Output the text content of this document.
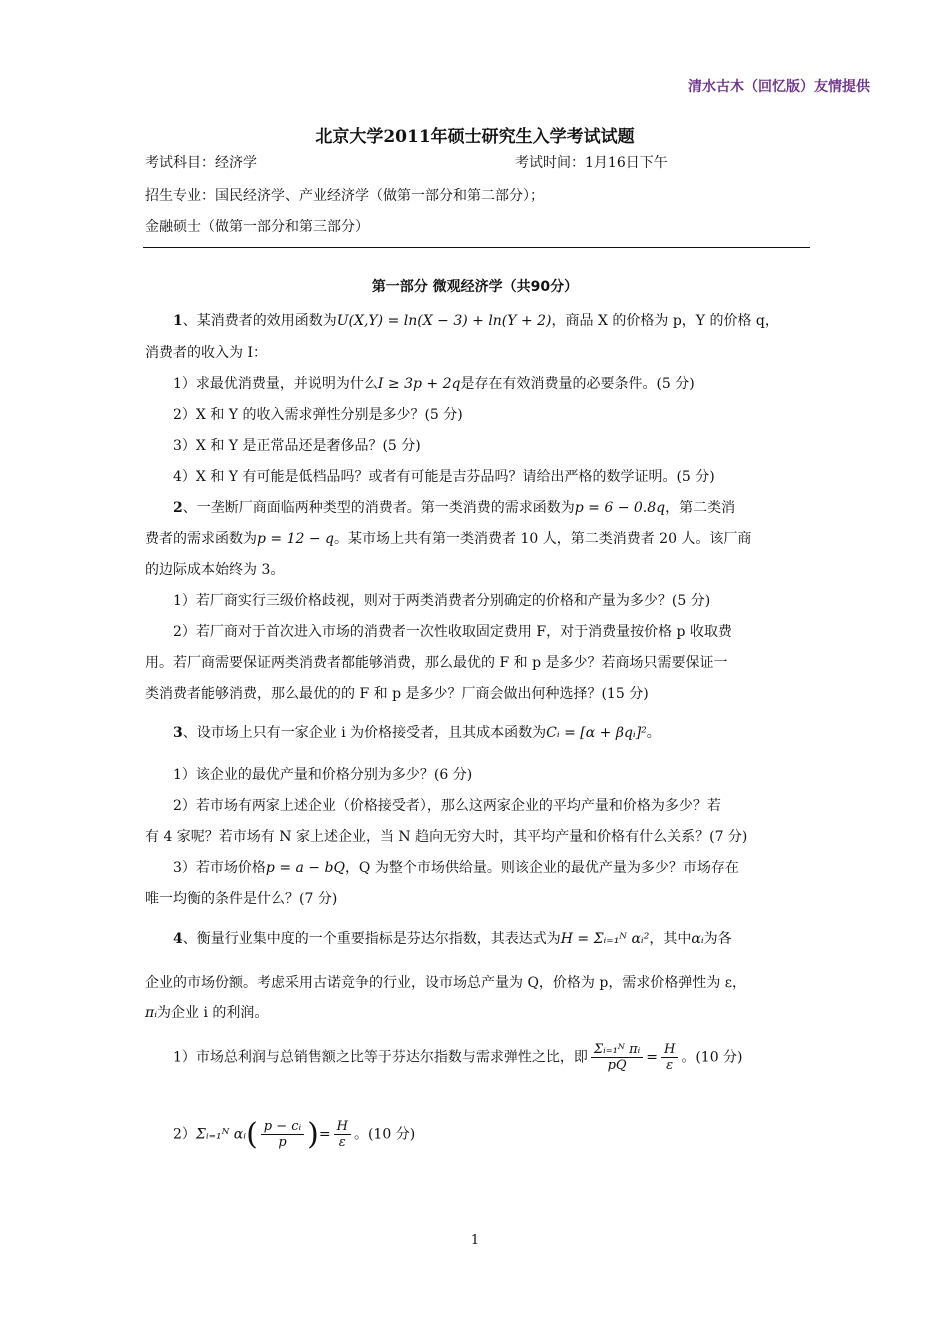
清水古木（回忆版）友情提供
北京大学2011年硕士研究生入学考试试题
考试科目：经济学	考试时间：1月16日下午
招生专业：国民经济学、产业经济学（做第一部分和第二部分）；
金融硕士（做第一部分和第三部分）
第一部分 微观经济学（共90分）
1、某消费者的效用函数为U(X,Y) = ln(X − 3) + ln(Y + 2)，商品 X 的价格为 p，Y 的价格 q，
消费者的收入为 I：
1）求最优消费量，并说明为什么I ≥ 3p + 2q是存在有效消费量的必要条件。(5 分)
2）X 和 Y 的收入需求弹性分别是多少？(5 分)
3）X 和 Y 是正常品还是奢侈品？(5 分)
4）X 和 Y 有可能是低档品吗？或者有可能是吉芬品吗？请给出严格的数学证明。(5 分)
2、一垄断厂商面临两种类型的消费者。第一类消费的需求函数为p = 6 − 0.8q，第二类消
费者的需求函数为p = 12 − q。某市场上共有第一类消费者 10 人，第二类消费者 20 人。该厂商
的边际成本始终为 3。
1）若厂商实行三级价格歧视，则对于两类消费者分别确定的价格和产量为多少？(5 分)
2）若厂商对于首次进入市场的消费者一次性收取固定费用 F，对于消费量按价格 p 收取费
用。若厂商需要保证两类消费者都能够消费，那么最优的 F 和 p 是多少？若商场只需要保证一
类消费者能够消费，那么最优的的 F 和 p 是多少？厂商会做出何种选择？(15 分)
3、设市场上只有一家企业 i 为价格接受者，且其成本函数为Cᵢ = [α + βqᵢ]²。
1）该企业的最优产量和价格分别为多少？(6 分)
2）若市场有两家上述企业（价格接受者），那么这两家企业的平均产量和价格为多少？若
有 4 家呢？若市场有 N 家上述企业，当 N 趋向无穷大时，其平均产量和价格有什么关系？(7 分)
3）若市场价格p = a − bQ，Q 为整个市场供给量。则该企业的最优产量为多少？市场存在
唯一均衡的条件是什么？(7 分)
4、衡量行业集中度的一个重要指标是芬达尔指数，其表达式为H = Σᵢ₌₁ᴺ αᵢ²，其中αᵢ为各
企业的市场份额。考虑采用古诺竞争的行业，设市场总产量为 Q，价格为 p，需求价格弹性为 ε，
πᵢ为企业 i 的利润。
1）市场总利润与总销售额之比等于芬达尔指数与需求弹性之比，即 $\frac{\text{Σᵢ₌₁ᴺ πᵢ}}{pQ} = \frac{H}{\varepsilon}$ 。(10 分)
2）Σᵢ₌₁ᴺ αᵢ( $\frac{\text{p − cᵢ}}{p}$ )= $\frac{H}{\varepsilon}$ 。(10 分)
1
